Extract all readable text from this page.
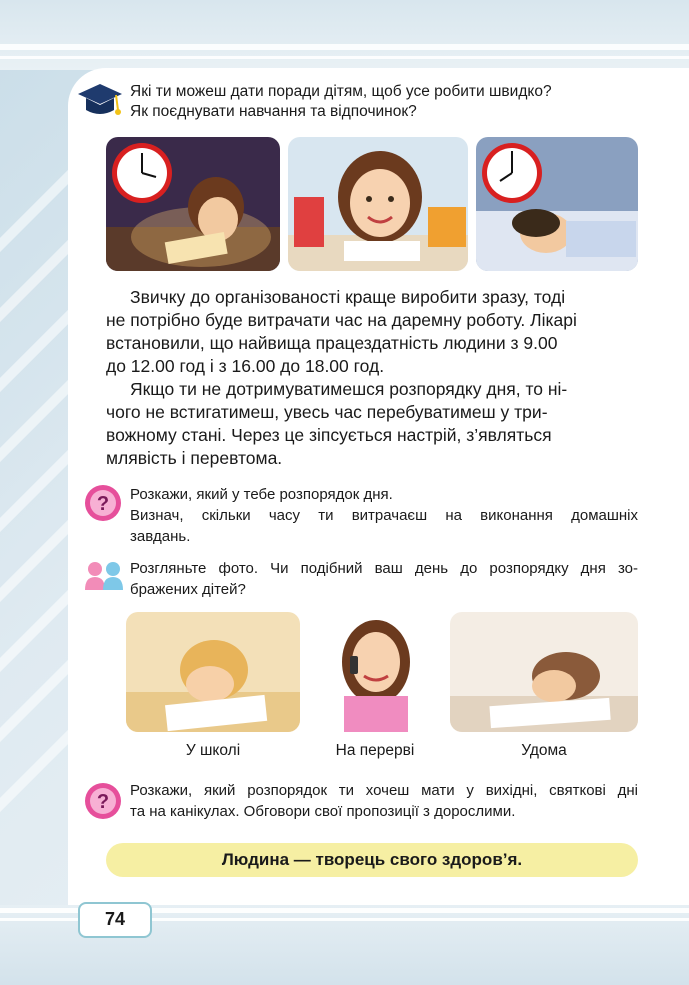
Які ти можеш дати поради дітям, щоб усе робити швидко?
Як поєднувати навчання та відпочинок?

Звичку до організованості краще виробити зразу, тоді

не потрібно буде витрачати час на даремну роботу. Лікарі

встановили, що найвища працездатність людини з 9.00

до 12.00 год і з 16.00 до 18.00 год.

Якщо ти не дотримуватимешся розпорядку дня, то ні-

чого не встигатимеш, увесь час перебуватимеш у три-

вожному стані. Через це зіпсується настрій, з’являться

млявість і перевтома.

? Розкажи, який у тебе розпорядок дня.
Визнач, скільки часу ти витрачаєш на виконання домашніх
завдань.
Розгляньте фото. Чи подібний ваш день до розпорядку дня зо-
бражених дітей?
У школі	На перерві	Удома
?
Розкажи, який розпорядок ти хочеш мати у вихідні, святкові дні
та на канікулах. Обговори свої пропозиції з дорослими.
Людина — творець свого здоров’я.
74
